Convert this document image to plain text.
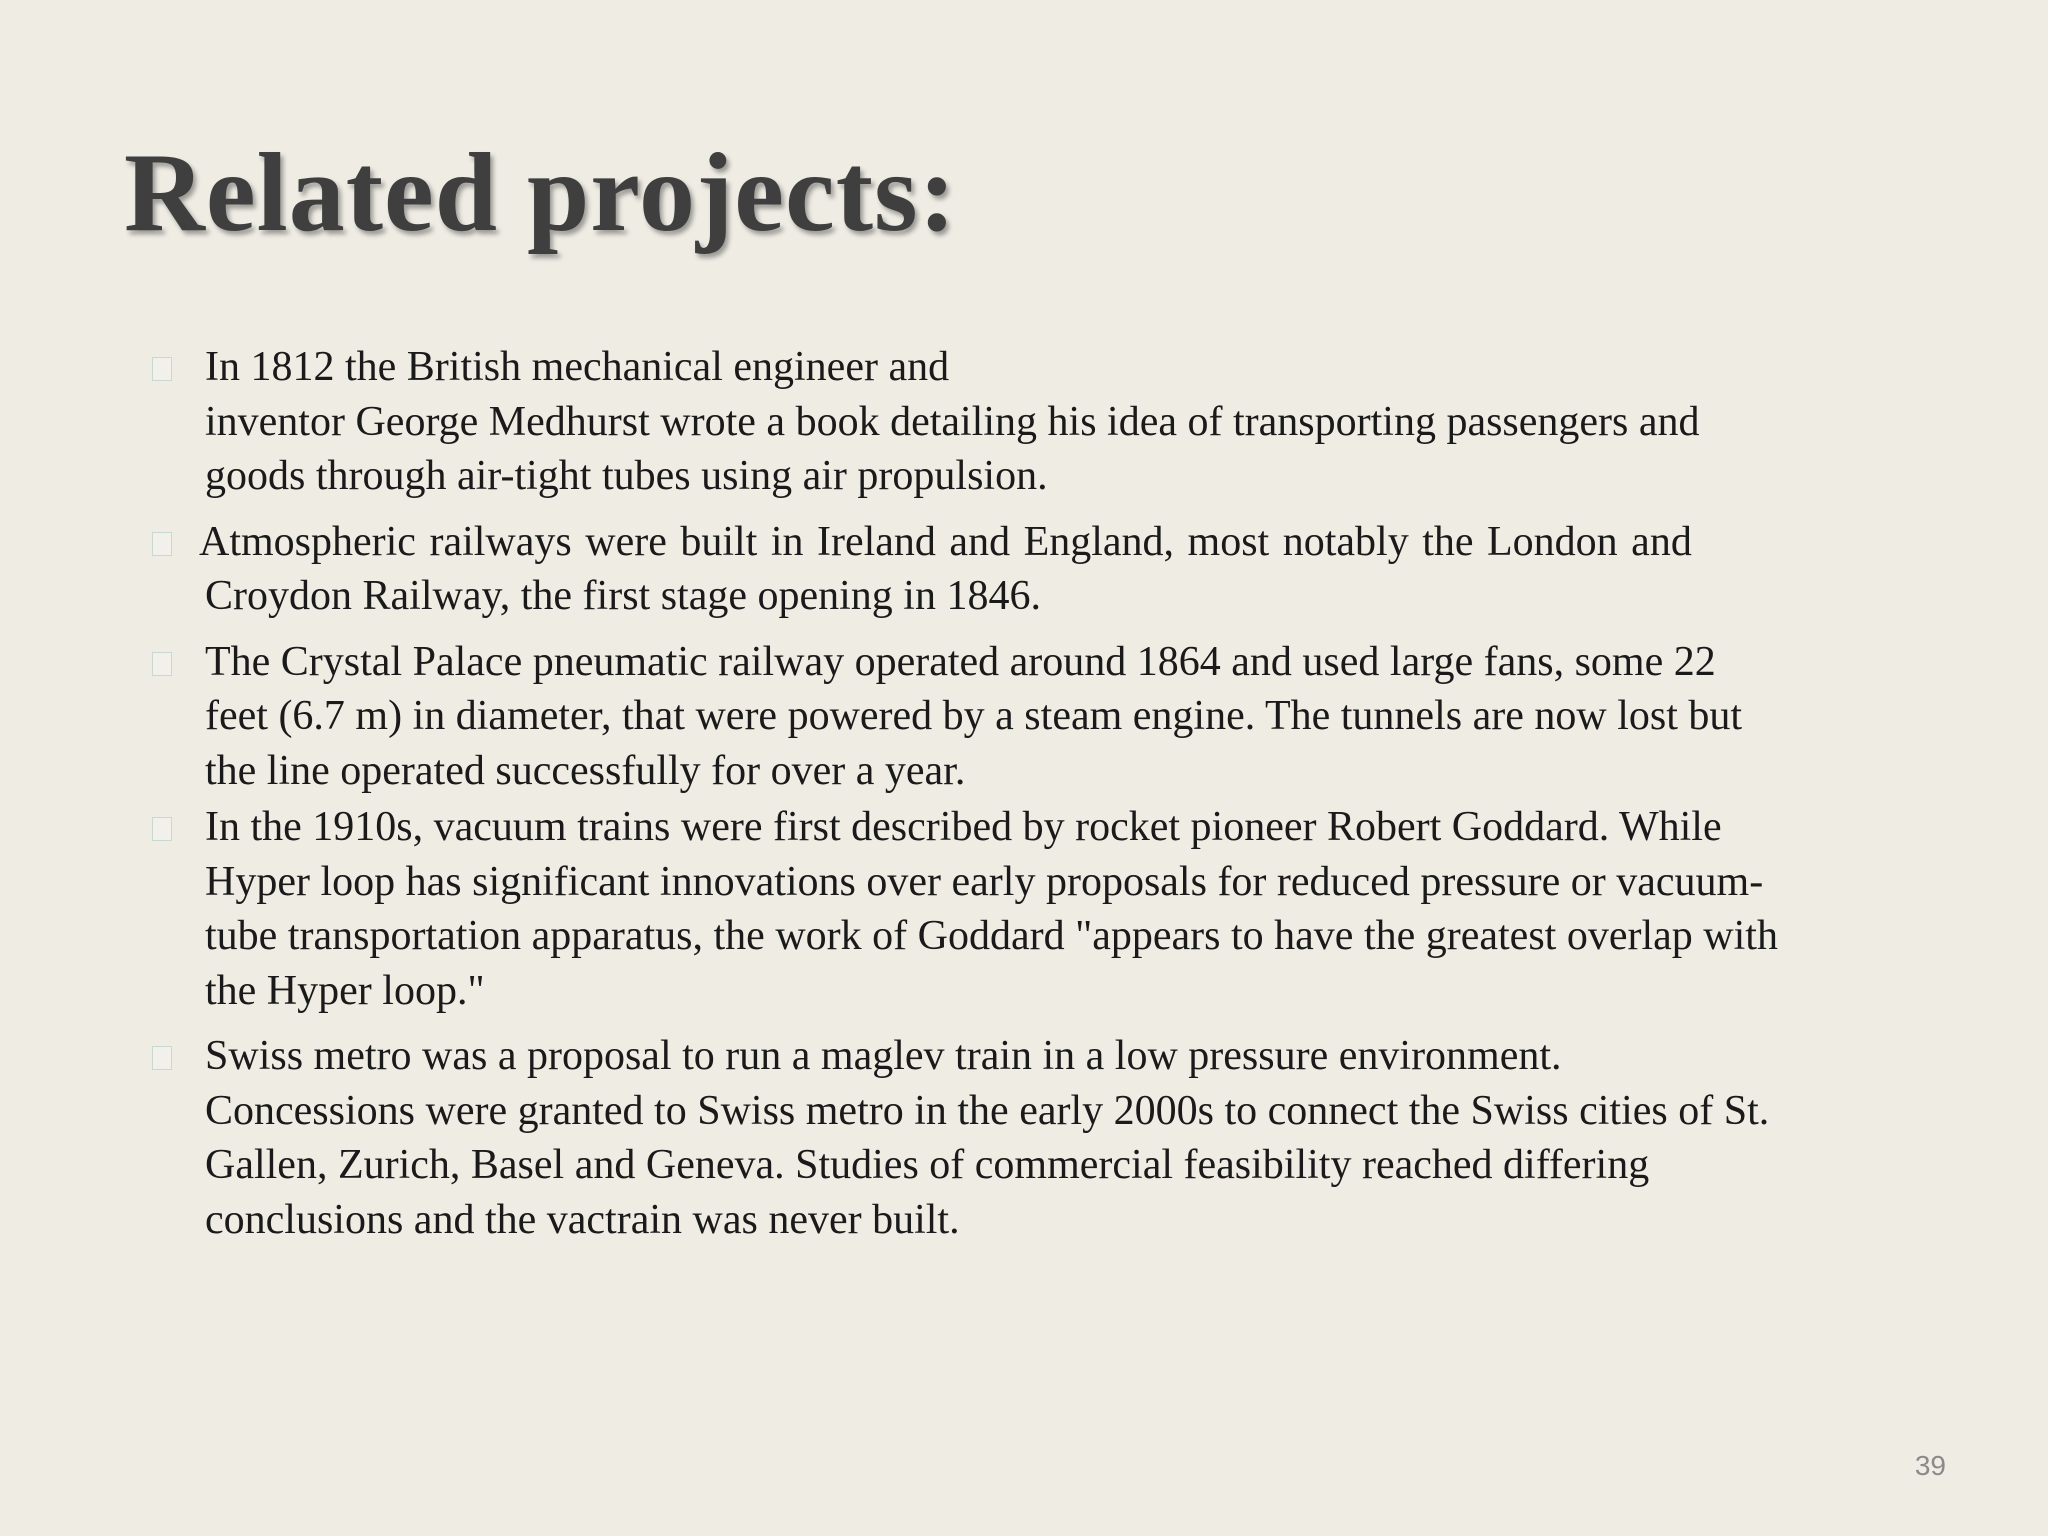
Related projects:
In 1812 the British mechanical engineer and
inventor George Medhurst wrote a book detailing his idea of transporting passengers and
goods through air-tight tubes using air propulsion.
Atmospheric railways were built in Ireland and England, most notably the London and
Croydon Railway, the first stage opening in 1846.
The Crystal Palace pneumatic railway operated around 1864 and used large fans, some 22
feet (6.7 m) in diameter, that were powered by a steam engine. The tunnels are now lost but
the line operated successfully for over a year.
In the 1910s, vacuum trains were first described by rocket pioneer Robert Goddard. While
Hyper loop has significant innovations over early proposals for reduced pressure or vacuum-
tube transportation apparatus, the work of Goddard "appears to have the greatest overlap with
the Hyper loop."
Swiss metro was a proposal to run a maglev train in a low pressure environment.
Concessions were granted to Swiss metro in the early 2000s to connect the Swiss cities of St.
Gallen, Zurich, Basel and Geneva. Studies of commercial feasibility reached differing
conclusions and the vactrain was never built.
39
